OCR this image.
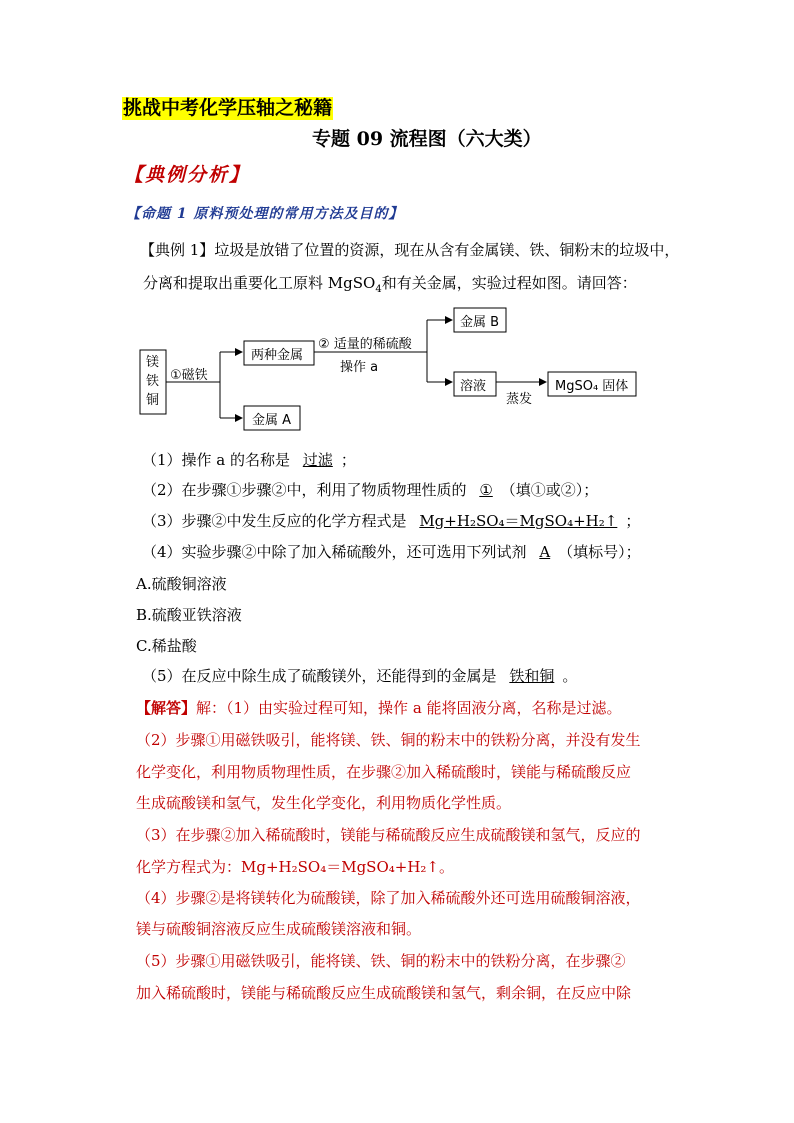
挑战中考化学压轴之秘籍
专题 09 流程图（六大类）
【典例分析】
【命题 1 原料预处理的常用方法及目的】
【典例 1】垃圾是放错了位置的资源，现在从含有金属镁、铁、铜粉末的垃圾中，
分离和提取出重要化工原料 MgSO$_4$和有关金属，实验过程如图。请回答：
镁
铁
铜
①磁铁
两种金属
金属 A
② 适量的稀硫酸
操作 a
金属 B
溶液
蒸发
MgSO₄ 固体
（1）操作 a 的名称是 过滤 ；
（2）在步骤①步骤②中，利用了物质物理性质的 ① （填①或②）；
（3）步骤②中发生反应的化学方程式是 Mg+H₂SO₄＝MgSO₄+H₂↑ ；
（4）实验步骤②中除了加入稀硫酸外，还可选用下列试剂 A （填标号）；
A.硫酸铜溶液
B.硫酸亚铁溶液
C.稀盐酸
（5）在反应中除生成了硫酸镁外，还能得到的金属是 铁和铜 。
【解答】解：（1）由实验过程可知，操作 a 能将固液分离，名称是过滤。
（2）步骤①用磁铁吸引，能将镁、铁、铜的粉末中的铁粉分离，并没有发生
化学变化，利用物质物理性质，在步骤②加入稀硫酸时，镁能与稀硫酸反应
生成硫酸镁和氢气，发生化学变化，利用物质化学性质。
（3）在步骤②加入稀硫酸时，镁能与稀硫酸反应生成硫酸镁和氢气，反应的
化学方程式为：Mg+H₂SO₄＝MgSO₄+H₂↑。
（4）步骤②是将镁转化为硫酸镁，除了加入稀硫酸外还可选用硫酸铜溶液，
镁与硫酸铜溶液反应生成硫酸镁溶液和铜。
（5）步骤①用磁铁吸引，能将镁、铁、铜的粉末中的铁粉分离，在步骤②
加入稀硫酸时，镁能与稀硫酸反应生成硫酸镁和氢气，剩余铜，在反应中除
